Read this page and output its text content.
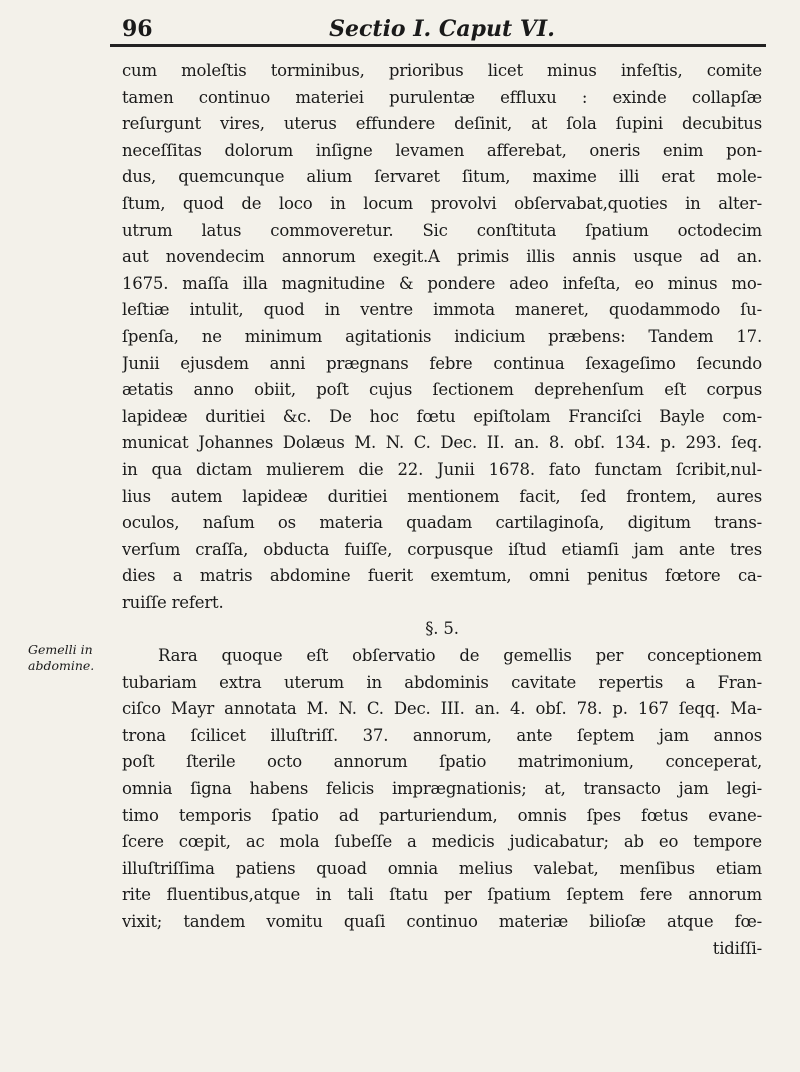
96	Sectio I. Caput VI.
Gemelli in
abdomine.
cum moleſtis torminibus, prioribus licet minus infeſtis, comite
tamen continuo materiei purulentæ effluxu : exinde collapſæ
reſurgunt vires, uterus effundere deſinit, at ſola ſupini decubitus
neceſſitas dolorum inſigne levamen afferebat, oneris enim pon-
dus, quemcunque alium ſervaret ſitum, maxime illi erat mole-
ſtum, quod de loco in locum provolvi obſervabat,quoties in alter-
utrum latus commoveretur. Sic conſtituta ſpatium octodecim
aut novendecim annorum exegit.A primis illis annis usque ad an.
1675. maſſa illa magnitudine & pondere adeo infeſta, eo minus mo-
leſtiæ intulit, quod in ventre immota maneret, quodammodo ſu-
ſpenſa, ne minimum agitationis indicium præbens: Tandem 17.
Junii ejusdem anni prægnans febre continua ſexageſimo ſecundo
ætatis anno obiit, poſt cujus ſectionem deprehenſum eſt corpus
lapideæ duritiei &c. De hoc fœtu epiſtolam Franciſci Bayle com-
municat Johannes Dolæus M. N. C. Dec. II. an. 8. obſ. 134. p. 293. ſeq.
in qua dictam mulierem die 22. Junii 1678. fato functam ſcribit,nul-
lius autem lapideæ duritiei mentionem facit, ſed frontem, aures
oculos, naſum os materia quadam cartilaginoſa, digitum trans-
verſum craſſa, obducta fuiſſe, corpusque iſtud etiamſi jam ante tres
dies a matris abdomine fuerit exemtum, omni penitus fœtore ca-
ruiſſe refert.
§. 5.
Rara quoque eſt obſervatio de gemellis per conceptionem
tubariam extra uterum in abdominis cavitate repertis a Fran-
ciſco Mayr annotata M. N. C. Dec. III. an. 4. obſ. 78. p. 167 ſeqq. Ma-
trona ſcilicet illuſtriſſ. 37. annorum, ante ſeptem jam annos
poſt ſterile octo annorum ſpatio matrimonium, conceperat,
omnia ſigna habens felicis imprægnationis; at, transacto jam legi-
timo temporis ſpatio ad parturiendum, omnis ſpes fœtus evane-
ſcere cœpit, ac mola ſubeſſe a medicis judicabatur; ab eo tempore
illuſtriſſima patiens quoad omnia melius valebat, menſibus etiam
rite fluentibus,atque in tali ſtatu per ſpatium ſeptem fere annorum
vixit; tandem vomitu quaſi continuo materiæ bilioſæ atque fœ-
tidiſſi-
